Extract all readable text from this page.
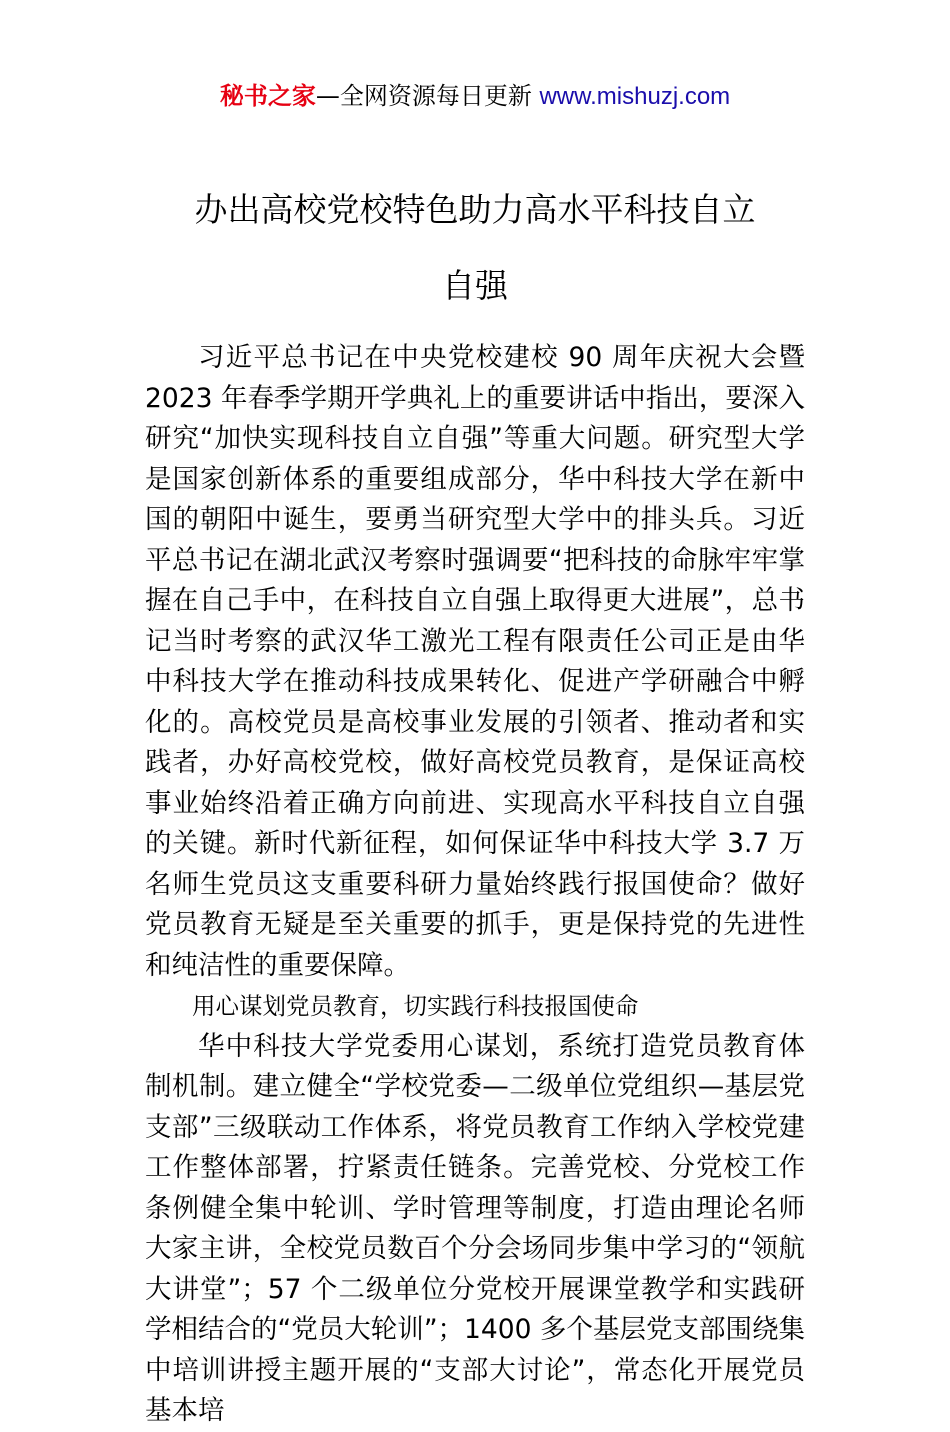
秘书之家—全网资源每日更新 www.mishuzj.com
办出高校党校特色助力高水平科技自立
自强

习近平总书记在中央党校建校 90 周年庆祝大会暨 2023 年春季学期开学典礼上的重要讲话中指出，要深入研究“加快实现科技自立自强”等重大问题。研究型大学是国家创新体系的重要组成部分，华中科技大学在新中国的朝阳中诞生，要勇当研究型大学中的排头兵。习近平总书记在湖北武汉考察时强调要“把科技的命脉牢牢掌握在自己手中，在科技自立自强上取得更大进展”，总书记当时考察的武汉华工激光工程有限责任公司正是由华中科技大学在推动科技成果转化、促进产学研融合中孵化的。高校党员是高校事业发展的引领者、推动者和实践者，办好高校党校，做好高校党员教育，是保证高校事业始终沿着正确方向前进、实现高水平科技自立自强的关键。新时代新征程，如何保证华中科技大学 3.7 万名师生党员这支重要科研力量始终践行报国使命？做好党员教育无疑是至关重要的抓手，更是保持党的先进性和纯洁性的重要保障。

用心谋划党员教育，切实践行科技报国使命

华中科技大学党委用心谋划，系统打造党员教育体制机制。建立健全“学校党委—二级单位党组织—基层党支部”三级联动工作体系，将党员教育工作纳入学校党建工作整体部署，拧紧责任链条。完善党校、分党校工作条例健全集中轮训、学时管理等制度，打造由理论名师大家主讲，全校党员数百个分会场同步集中学习的“领航大讲堂”；57 个二级单位分党校开展课堂教学和实践研学相结合的“党员大轮训”；1400 多个基层党支部围绕集中培训讲授主题开展的“支部大讨论”，常态化开展党员基本培
